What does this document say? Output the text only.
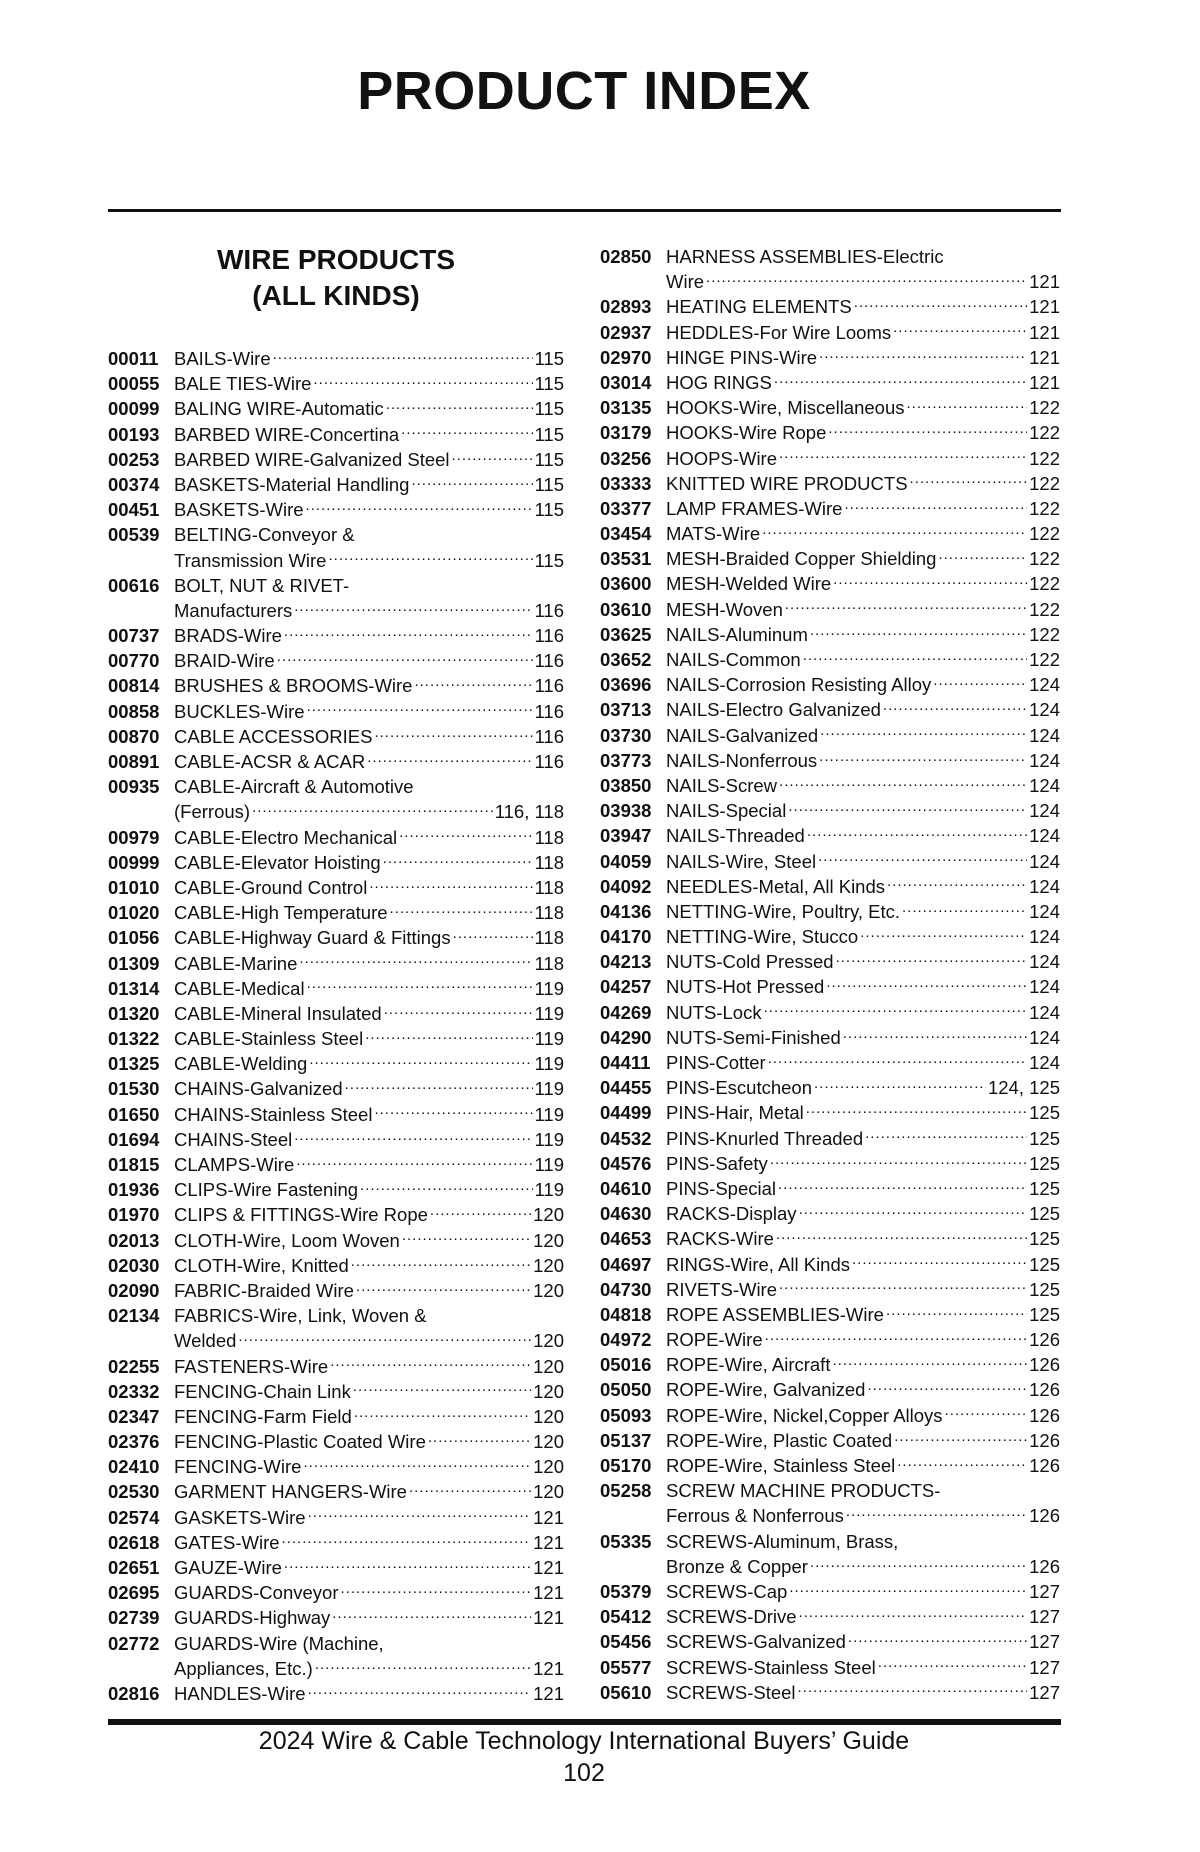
PRODUCT INDEX
WIRE PRODUCTS
(ALL KINDS)
00011 BAILS-Wire .....	115
00055 BALE TIES-Wire .....	115
00099 BALING WIRE-Automatic .....	115
00193 BARBED WIRE-Concertina .....	115
00253 BARBED WIRE-Galvanized Steel .....	115
00374 BASKETS-Material Handling .....	115
00451 BASKETS-Wire .....	115
00539 BELTING-Conveyor &
Transmission Wire .....	115
00616 BOLT, NUT & RIVET-
Manufacturers .....	116
00737 BRADS-Wire .....	116
00770 BRAID-Wire .....	116
00814 BRUSHES & BROOMS-Wire .....	116
00858 BUCKLES-Wire .....	116
00870 CABLE ACCESSORIES .....	116
00891 CABLE-ACSR & ACAR .....	116
00935 CABLE-Aircraft & Automotive
(Ferrous) .....	116, 118
00979 CABLE-Electro Mechanical .....	118
00999 CABLE-Elevator Hoisting .....	118
01010 CABLE-Ground Control .....	118
01020 CABLE-High Temperature .....	118
01056 CABLE-Highway Guard & Fittings .....	118
01309 CABLE-Marine .....	118
01314 CABLE-Medical .....	119
01320 CABLE-Mineral Insulated .....	119
01322 CABLE-Stainless Steel .....	119
01325 CABLE-Welding .....	119
01530 CHAINS-Galvanized .....	119
01650 CHAINS-Stainless Steel .....	119
01694 CHAINS-Steel .....	119
01815 CLAMPS-Wire .....	119
01936 CLIPS-Wire Fastening .....	119
01970 CLIPS & FITTINGS-Wire Rope .....	120
02013 CLOTH-Wire, Loom Woven .....	120
02030 CLOTH-Wire, Knitted .....	120
02090 FABRIC-Braided Wire .....	120
02134 FABRICS-Wire, Link, Woven &
Welded .....	120
02255 FASTENERS-Wire .....	120
02332 FENCING-Chain Link .....	120
02347 FENCING-Farm Field .....	120
02376 FENCING-Plastic Coated Wire .....	120
02410 FENCING-Wire .....	120
02530 GARMENT HANGERS-Wire .....	120
02574 GASKETS-Wire .....	121
02618 GATES-Wire .....	121
02651 GAUZE-Wire .....	121
02695 GUARDS-Conveyor .....	121
02739 GUARDS-Highway .....	121
02772 GUARDS-Wire (Machine,
Appliances, Etc.) .....	121
02816 HANDLES-Wire .....	121
02850 HARNESS ASSEMBLIES-Electric
Wire .....	121
02893 HEATING ELEMENTS .....	121
02937 HEDDLES-For Wire Looms .....	121
02970 HINGE PINS-Wire .....	121
03014 HOG RINGS .....	121
03135 HOOKS-Wire, Miscellaneous .....	122
03179 HOOKS-Wire Rope .....	122
03256 HOOPS-Wire .....	122
03333 KNITTED WIRE PRODUCTS .....	122
03377 LAMP FRAMES-Wire .....	122
03454 MATS-Wire .....	122
03531 MESH-Braided Copper Shielding .....	122
03600 MESH-Welded Wire .....	122
03610 MESH-Woven .....	122
03625 NAILS-Aluminum .....	122
03652 NAILS-Common .....	122
03696 NAILS-Corrosion Resisting Alloy .....	124
03713 NAILS-Electro Galvanized .....	124
03730 NAILS-Galvanized .....	124
03773 NAILS-Nonferrous .....	124
03850 NAILS-Screw .....	124
03938 NAILS-Special .....	124
03947 NAILS-Threaded .....	124
04059 NAILS-Wire, Steel .....	124
04092 NEEDLES-Metal, All Kinds .....	124
04136 NETTING-Wire, Poultry, Etc. .....	124
04170 NETTING-Wire, Stucco .....	124
04213 NUTS-Cold Pressed .....	124
04257 NUTS-Hot Pressed .....	124
04269 NUTS-Lock .....	124
04290 NUTS-Semi-Finished .....	124
04411 PINS-Cotter .....	124
04455 PINS-Escutcheon .....	124, 125
04499 PINS-Hair, Metal .....	125
04532 PINS-Knurled Threaded .....	125
04576 PINS-Safety .....	125
04610 PINS-Special .....	125
04630 RACKS-Display .....	125
04653 RACKS-Wire .....	125
04697 RINGS-Wire, All Kinds .....	125
04730 RIVETS-Wire .....	125
04818 ROPE ASSEMBLIES-Wire .....	125
04972 ROPE-Wire .....	126
05016 ROPE-Wire, Aircraft .....	126
05050 ROPE-Wire, Galvanized .....	126
05093 ROPE-Wire, Nickel,Copper Alloys .....	126
05137 ROPE-Wire, Plastic Coated .....	126
05170 ROPE-Wire, Stainless Steel .....	126
05258 SCREW MACHINE PRODUCTS-
Ferrous & Nonferrous .....	126
05335 SCREWS-Aluminum, Brass,
Bronze & Copper .....	126
05379 SCREWS-Cap .....	127
05412 SCREWS-Drive .....	127
05456 SCREWS-Galvanized .....	127
05577 SCREWS-Stainless Steel .....	127
05610 SCREWS-Steel .....	127
2024 Wire & Cable Technology International Buyers’ Guide
102
